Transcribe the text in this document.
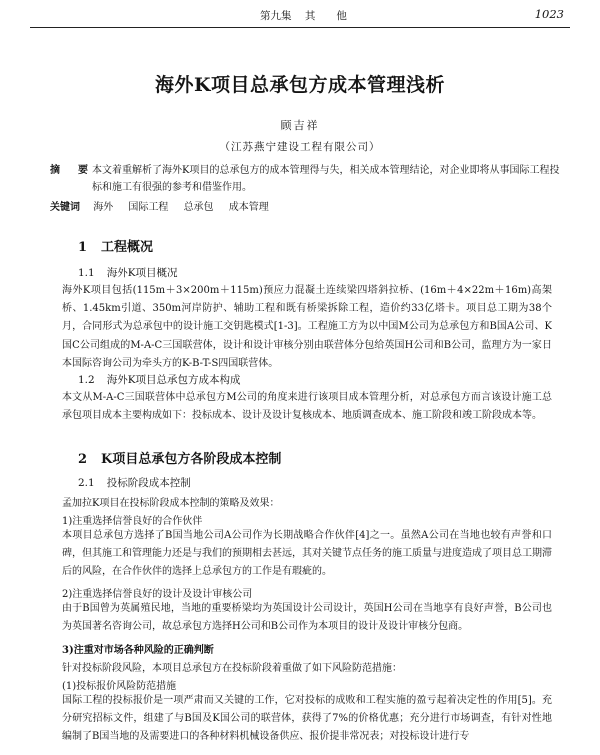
第九集 其　　他	1023
海外K项目总承包方成本管理浅析
顾吉祥
（江苏燕宁建设工程有限公司）
摘　要 本文着重解析了海外K项目的总承包方的成本管理得与失，相关成本管理结论，对企业即将从事国际工程投标和施工有很强的参考和借鉴作用。
关键词 海外 国际工程 总承包 成本管理
1 工程概况
1.1 海外K项目概况
海外K项目包括(115m＋3×200m＋115m)预应力混凝土连续梁四塔斜拉桥、(16m＋4×22m＋16m)高架桥、1.45km引道、350m河岸防护、辅助工程和既有桥梁拆除工程，造价约33亿塔卡。项目总工期为38个月，合同形式为总承包中的设计施工交钥匙模式[1-3]。工程施工方为以中国M公司为总承包方和B国A公司、K国C公司组成的M-A-C三国联营体，设计和设计审核分别由联营体分包给英国H公司和B公司，监理方为一家日本国际咨询公司为牵头方的K-B-T-S四国联营体。
1.2 海外K项目总承包方成本构成
本文从M-A-C三国联营体中总承包方M公司的角度来进行该项目成本管理分析，对总承包方而言该设计施工总承包项目成本主要构成如下：投标成本、设计及设计复核成本、地质调查成本、施工阶段和竣工阶段成本等。
2 K项目总承包方各阶段成本控制
2.1 投标阶段成本控制
孟加拉K项目在投标阶段成本控制的策略及效果：
1)注重选择信誉良好的合作伙伴
本项目总承包方选择了B国当地公司A公司作为长期战略合作伙伴[4]之一。虽然A公司在当地也较有声誉和口碑，但其施工和管理能力还是与我们的预期相去甚远，其对关键节点任务的施工质量与进度造成了项目总工期滞后的风险，在合作伙伴的选择上总承包方的工作是有瑕疵的。
2)注重选择信誉良好的设计及设计审核公司
由于B国曾为英属殖民地，当地的重要桥梁均为英国设计公司设计，英国H公司在当地享有良好声誉，B公司也为英国著名咨询公司，故总承包方选择H公司和B公司作为本项目的设计及设计审核分包商。
3)注重对市场各种风险的正确判断
针对投标阶段风险，本项目总承包方在投标阶段着重做了如下风险防范措施：
(1)投标报价风险防范措施
国际工程的投标报价是一项严肃而又关键的工作，它对投标的成败和工程实施的盈亏起着决定性的作用[5]。充分研究招标文件，组建了与B国及K国公司的联营体，获得了7%的价格优惠；充分进行市场调查，有针对性地编制了B国当地的及需要进口的各种材料机械设备供应、报价提非常况表；对投标设计进行专
